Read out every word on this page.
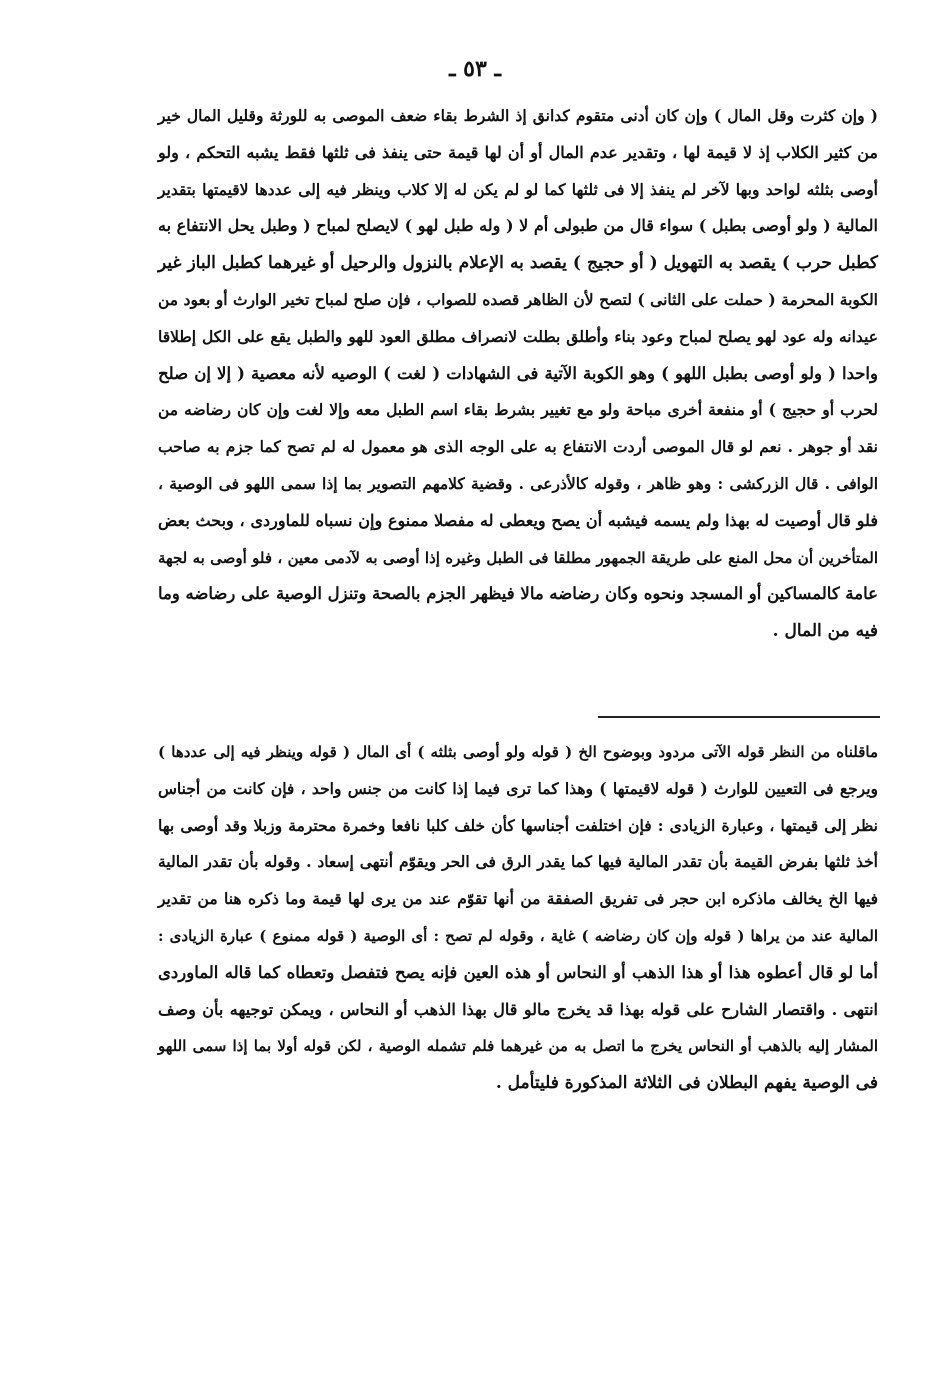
ـ ٥٣ ـ
( وإن كثرت وقل المال ) وإن كان أدنى متقوم كدانق إذ الشرط بقاء ضعف الموصى به للورثة وقليل المال خير
من كثير الكلاب إذ لا قيمة لها ، وتقدير عدم المال أو أن لها قيمة حتى ينفذ فى ثلثها فقط يشبه التحكم ، ولو
أوصى بثلثه لواحد وبها لآخر لم ينفذ إلا فى ثلثها كما لو لم يكن له إلا كلاب وينظر فيه إلى عددها لاقيمتها بتقدير
المالية ( ولو أوصى بطبل ) سواء قال من طبولى أم لا ( وله طبل لهو ) لايصلح لمباح ( وطبل يحل الانتفاع به
كطبل حرب ) يقصد به التهويل ( أو حجيج ) يقصد به الإعلام بالنزول والرحيل أو غيرهما كطبل الباز غير
الكوبة المحرمة ( حملت على الثانى ) لتصح لأن الظاهر قصده للصواب ، فإن صلح لمباح تخير الوارث أو بعود من
عيدانه وله عود لهو يصلح لمباح وعود بناء وأطلق بطلت لانصراف مطلق العود للهو والطبل يقع على الكل إطلاقا
واحدا ( ولو أوصى بطبل اللهو ) وهو الكوبة الآتية فى الشهادات ( لغت ) الوصيه لأنه معصية ( إلا إن صلح
لحرب أو حجيج ) أو منفعة أخرى مباحة ولو مع تغيير بشرط بقاء اسم الطبل معه وإلا لغت وإن كان رضاضه من
نقد أو جوهر . نعم لو قال الموصى أردت الانتفاع به على الوجه الذى هو معمول له لم تصح كما جزم به صاحب
الوافى . قال الزركشى : وهو ظاهر ، وقوله كالأذرعى . وقضية كلامهم التصوير بما إذا سمى اللهو فى الوصية ،
فلو قال أوصيت له بهذا ولم يسمه فيشبه أن يصح ويعطى له مفصلا ممنوع وإن نسباه للماوردى ، وبحث بعض
المتأخرين أن محل المنع على طريقة الجمهور مطلقا فى الطبل وغيره إذا أوصى به لآدمى معين ، فلو أوصى به لجهة
عامة كالمساكين أو المسجد ونحوه وكان رضاضه مالا فيظهر الجزم بالصحة وتنزل الوصية على رضاضه وما
فيه من المال .
ماقلناه من النظر قوله الآتى مردود وبوضوح الخ ( قوله ولو أوصى بثلثه ) أى المال ( قوله وينظر فيه إلى عددها )
ويرجع فى التعيين للوارث ( قوله لاقيمتها ) وهذا كما ترى فيما إذا كانت من جنس واحد ، فإن كانت من أجناس
نظر إلى قيمتها ، وعبارة الزيادى : فإن اختلفت أجناسها كأن خلف كلبا نافعا وخمرة محترمة وزبلا وقد أوصى بها
أخذ ثلثها بفرض القيمة بأن تقدر المالية فيها كما يقدر الرق فى الحر ويقوّم أنتهى إسعاد . وقوله بأن تقدر المالية
فيها الخ يخالف ماذكره ابن حجر فى تفريق الصفقة من أنها تقوّم عند من يرى لها قيمة وما ذكره هنا من تقدير
المالية عند من يراها ( قوله وإن كان رضاضه ) غاية ، وقوله لم تصح : أى الوصية ( قوله ممنوع ) عبارة الزيادى :
أما لو قال أعطوه هذا أو هذا الذهب أو النحاس أو هذه العين فإنه يصح فتفصل وتعطاه كما قاله الماوردى
انتهى . واقتصار الشارح على قوله بهذا قد يخرج مالو قال بهذا الذهب أو النحاس ، ويمكن توجيهه بأن وصف
المشار إليه بالذهب أو النحاس يخرج ما اتصل به من غيرهما فلم تشمله الوصية ، لكن قوله أولا بما إذا سمى اللهو
فى الوصية يفهم البطلان فى الثلاثة المذكورة فليتأمل .
